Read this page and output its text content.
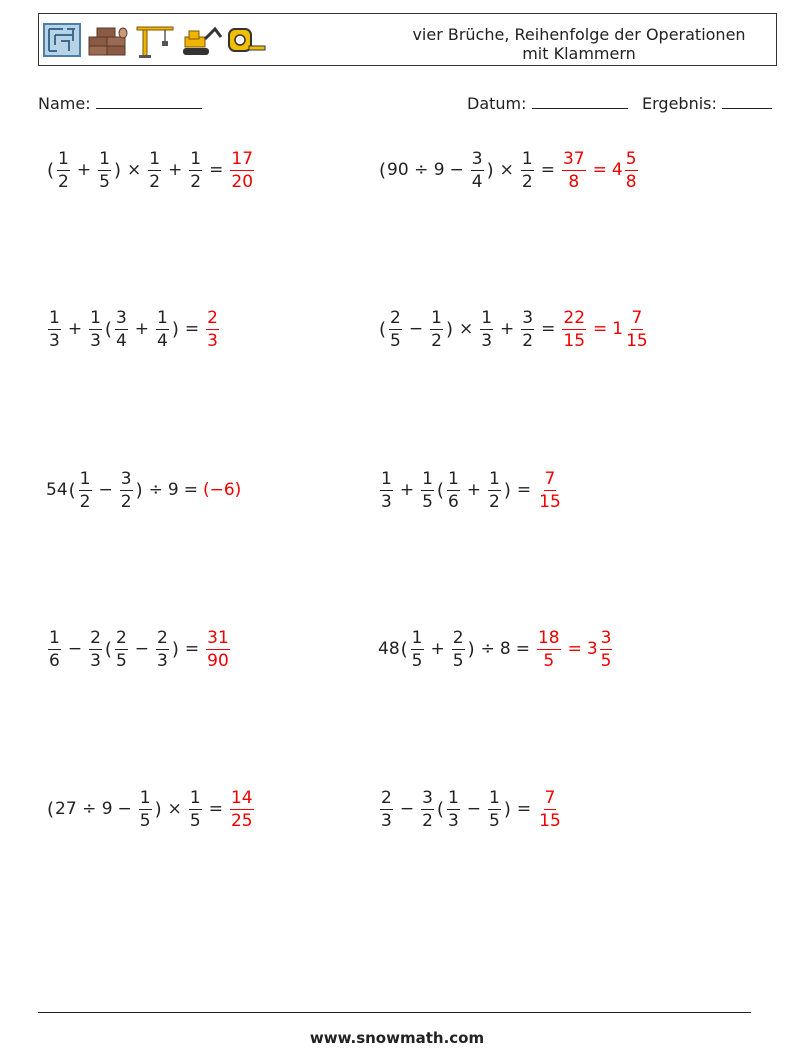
vier Brüche, Reihenfolge der Operationen
mit Klammern
Name:	Datum:	Ergebnis:
( $\frac{1}{2} + \frac{1}{5}$ ) × $\frac{1}{2} + \frac{1}{2} = \frac{17}{20}$	( $90 \div 9 - \frac{3}{4}$ ) × $\frac{1}{2} = \frac{37}{8} = 4 \frac{5}{8}$
$\frac{1}{3} + \frac{1}{3}$ ( $\frac{3}{4} + \frac{1}{4}$ ) = $\frac{2}{3}$	( $\frac{2}{5} - \frac{1}{2}$ ) × $\frac{1}{3} + \frac{3}{2} = \frac{22}{15} = 1 \frac{7}{15}$
54 ( $\frac{1}{2} - \frac{3}{2}$ ) ÷ 9 = (−6)	$\frac{1}{3} + \frac{1}{5}$ ( $\frac{1}{6} + \frac{1}{2}$ ) = $\frac{7}{15}$
$\frac{1}{6} - \frac{2}{3}$ ( $\frac{2}{5} - \frac{2}{3}$ ) = $\frac{31}{90}$	48 ( $\frac{1}{5} + \frac{2}{5}$ ) ÷ $8 = \frac{18}{5} = 3 \frac{3}{5}$
( $27 \div 9 - \frac{1}{5}$ ) × $\frac{1}{5} = \frac{14}{25}$	$\frac{2}{3} - \frac{3}{2}$ ( $\frac{1}{3} - \frac{1}{5}$ ) = $\frac{7}{15}$
www.snowmath.com
